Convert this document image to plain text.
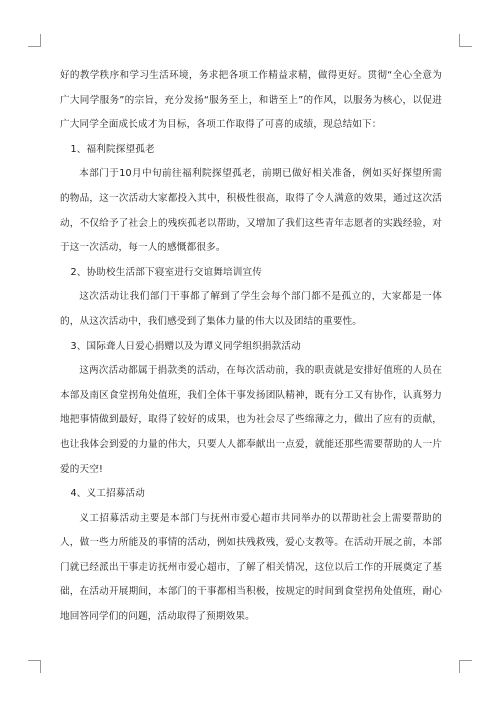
好的教学秩序和学习生活环境，务求把各项工作精益求精，做得更好。贯彻“全心全意为广大同学服务”的宗旨，充分发扬“服务至上，和谐至上”的作风，以服务为核心，以促进广大同学全面成长成才为目标，各项工作取得了可喜的成绩，现总结如下：

1、福利院探望孤老

本部门于10月中旬前往福利院探望孤老，前期已做好相关准备，例如买好探望所需的物品，这一次活动大家都投入其中，积极性很高，取得了令人满意的效果，通过这次活动，不仅给予了社会上的残疾孤老以帮助，又增加了我们这些青年志愿者的实践经验，对于这一次活动，每一人的感慨都很多。

2、协助校生活部下寝室进行交谊舞培训宣传

这次活动让我们部门干事都了解到了学生会每个部门都不是孤立的，大家都是一体的，从这次活动中，我们感受到了集体力量的伟大以及团结的重要性。

3、国际聋人日爱心捐赠以及为谭义同学组织捐款活动

这两次活动都属于捐款类的活动，在每次活动前，我的职责就是安排好值班的人员在本部及南区食堂拐角处值班，我们全体干事发扬团队精神，既有分工又有协作，认真努力地把事情做到最好，取得了较好的成果，也为社会尽了些绵薄之力，做出了应有的贡献，也让我体会到爱的力量的伟大，只要人人都奉献出一点爱，就能还那些需要帮助的人一片爱的天空!

4、义工招募活动

义工招募活动主要是本部门与抚州市爱心超市共同举办的以帮助社会上需要帮助的人，做一些力所能及的事情的活动，例如扶残救残，爱心支教等。在活动开展之前，本部门就已经派出干事走访抚州市爱心超市，了解了相关情况，这位以后工作的开展奠定了基础，在活动开展期间，本部门的干事都相当积极，按规定的时间到食堂拐角处值班，耐心地回答同学们的问题，活动取得了预期效果。
